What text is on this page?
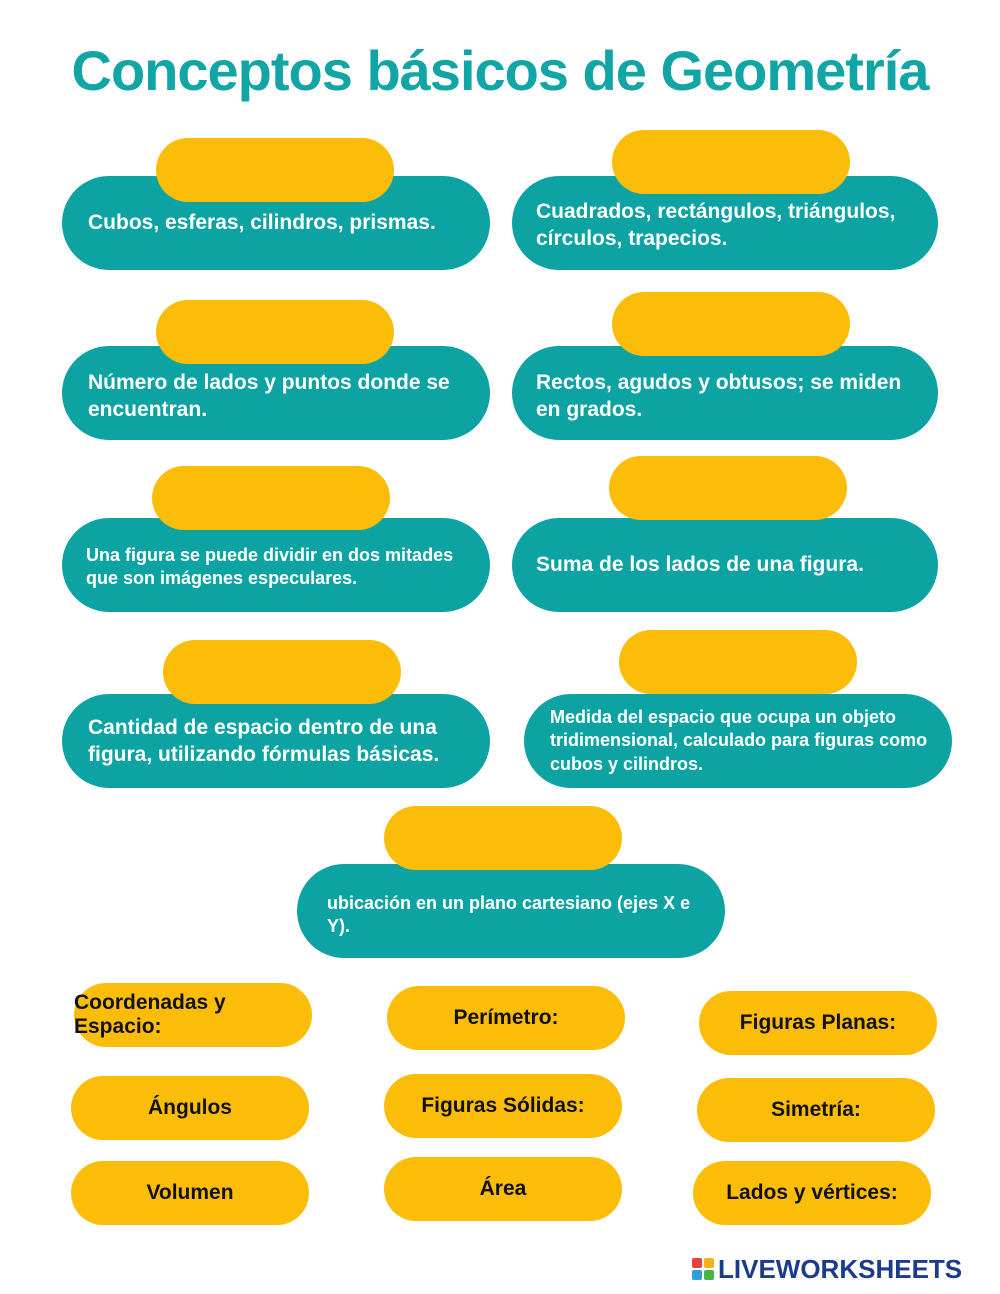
Conceptos básicos de Geometría
Cubos, esferas, cilindros, prismas.
Cuadrados, rectángulos, triángulos, círculos, trapecios.
Número de lados y puntos donde se encuentran.
Rectos, agudos y obtusos; se miden en grados.
Una figura se puede dividir en dos mitades que son imágenes especulares.
Suma de los lados de una figura.
Cantidad de espacio dentro de una figura, utilizando fórmulas básicas.
Medida del espacio que ocupa un objeto tridimensional, calculado para figuras como cubos y cilindros.
ubicación en un plano cartesiano (ejes X e Y).
Coordenadas y Espacio:	Perímetro:	Figuras Planas:
Ángulos	Figuras Sólidas:	Simetría:
Volumen	Área	Lados y vértices:
LIVEWORKSHEETS
